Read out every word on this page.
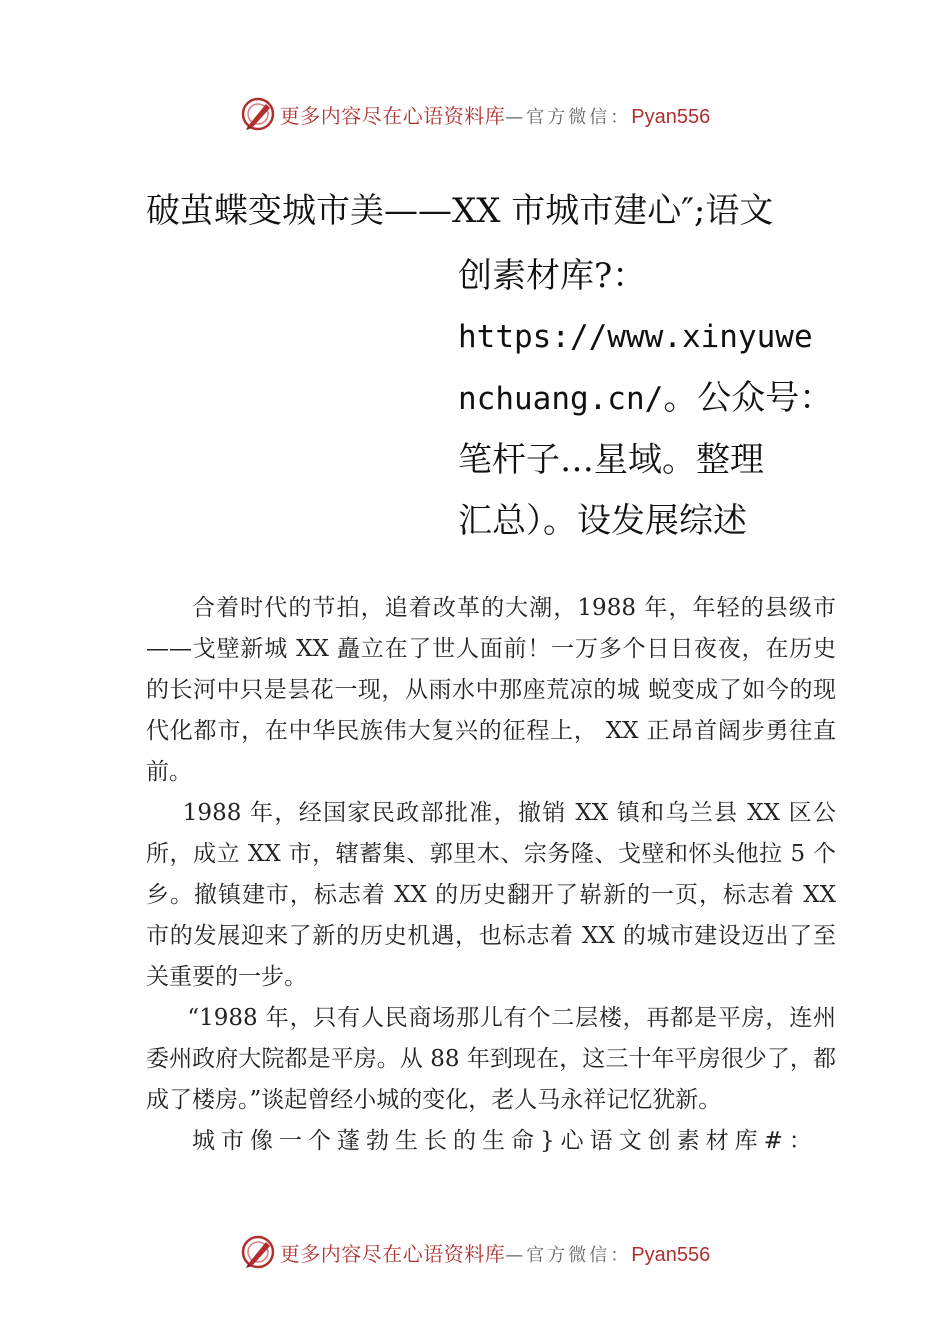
更多内容尽在心语资料库—官方微信：Pyan556
破茧蝶变城市美——XX 市城市建心″;语文
创素材库?：
https://www.xinyuwe
nchuang.cn/。公众号：
笔杆子…星域。整理
汇总）。设发展综述

合着时代的节拍，追着改革的大潮，1988 年，年轻的县级市——戈壁新城 XX 矗立在了世人面前！一万多个日日夜夜，在历史的长河中只是昙花一现，从雨水中那座荒凉的城 蜕变成了如今的现代化都市，在中华民族伟大复兴的征程上， XX 正昂首阔步勇往直前。

1988 年，经国家民政部批准，撤销 XX 镇和乌兰县 XX 区公所，成立 XX 市，辖蓄集、郭里木、宗务隆、戈壁和怀头他拉 5 个乡。撤镇建市，标志着 XX 的历史翻开了崭新的一页，标志着 XX 市的发展迎来了新的历史机遇，也标志着 XX 的城市建设迈出了至关重要的一步。

“1988 年，只有人民商场那儿有个二层楼，再都是平房，连州委州政府大院都是平房。从 88 年到现在，这三十年平房很少了，都成了楼房。”谈起曾经小城的变化，老人马永祥记忆犹新。

城市像一个蓬勃生长的生命}心语文创素材库#：

更多内容尽在心语资料库—官方微信：Pyan556
